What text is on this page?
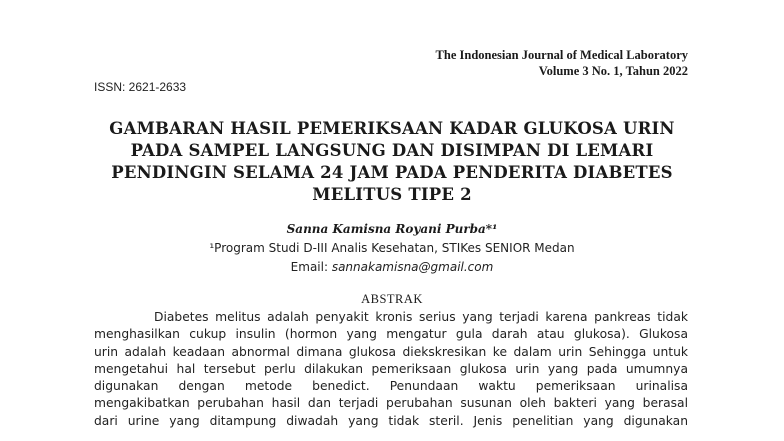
The Indonesian Journal of Medical Laboratory
Volume 3 No. 1, Tahun 2022
ISSN: 2621-2633
GAMBARAN HASIL PEMERIKSAAN KADAR GLUKOSA URIN
PADA SAMPEL LANGSUNG DAN DISIMPAN DI LEMARI
PENDINGIN SELAMA 24 JAM PADA PENDERITA DIABETES
MELITUS TIPE 2
Sanna Kamisna Royani Purba*¹
¹Program Studi D-III Analis Kesehatan, STIKes SENIOR Medan
Email: sannakamisna@gmail.com
ABSTRAK
Diabetes melitus adalah penyakit kronis serius yang terjadi karena pankreas tidak
menghasilkan cukup insulin (hormon yang mengatur gula darah atau glukosa). Glukosa
urin adalah keadaan abnormal dimana glukosa diekskresikan ke dalam urin Sehingga untuk
mengetahui hal tersebut perlu dilakukan pemeriksaan glukosa urin yang pada umumnya
digunakan dengan metode benedict. Penundaan waktu pemeriksaan urinalisa
mengakibatkan perubahan hasil dan terjadi perubahan susunan oleh bakteri yang berasal
dari urine yang ditampung diwadah yang tidak steril. Jenis penelitian yang digunakan
